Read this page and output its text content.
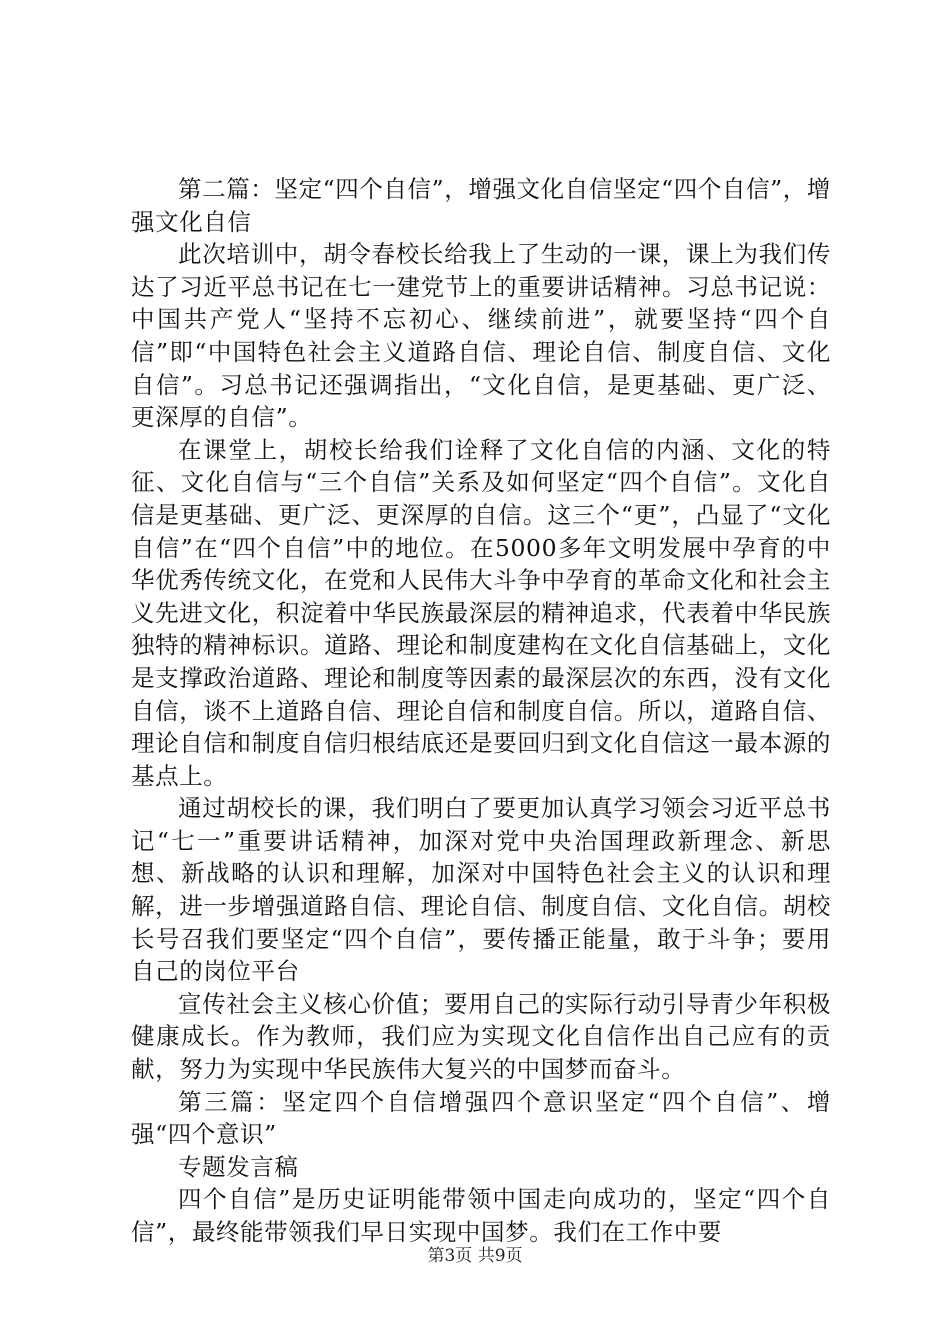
第二篇：坚定“四个自信”，增强文化自信坚定“四个自信”，增强文化自信

此次培训中，胡令春校长给我上了生动的一课，课上为我们传达了习近平总书记在七一建党节上的重要讲话精神。习总书记说：中国共产党人“坚持不忘初心、继续前进”，就要坚持“四个自信”即“中国特色社会主义道路自信、理论自信、制度自信、文化自信”。习总书记还强调指出，“文化自信，是更基础、更广泛、更深厚的自信”。

在课堂上，胡校长给我们诠释了文化自信的内涵、文化的特征、文化自信与“三个自信”关系及如何坚定“四个自信”。文化自信是更基础、更广泛、更深厚的自信。这三个“更”，凸显了“文化自信”在“四个自信”中的地位。在5000多年文明发展中孕育的中华优秀传统文化，在党和人民伟大斗争中孕育的革命文化和社会主义先进文化，积淀着中华民族最深层的精神追求，代表着中华民族独特的精神标识。道路、理论和制度建构在文化自信基础上，文化是支撑政治道路、理论和制度等因素的最深层次的东西，没有文化自信，谈不上道路自信、理论自信和制度自信。所以，道路自信、理论自信和制度自信归根结底还是要回归到文化自信这一最本源的基点上。

通过胡校长的课，我们明白了要更加认真学习领会习近平总书记“七一”重要讲话精神，加深对党中央治国理政新理念、新思想、新战略的认识和理解，加深对中国特色社会主义的认识和理解，进一步增强道路自信、理论自信、制度自信、文化自信。胡校长号召我们要坚定“四个自信”，要传播正能量，敢于斗争；要用自己的岗位平台

宣传社会主义核心价值；要用自己的实际行动引导青少年积极健康成长。作为教师，我们应为实现文化自信作出自己应有的贡献，努力为实现中华民族伟大复兴的中国梦而奋斗。

第三篇：坚定四个自信增强四个意识坚定“四个自信”、增强“四个意识”

专题发言稿

四个自信”是历史证明能带领中国走向成功的，坚定“四个自信”，最终能带领我们早日实现中国梦。我们在工作中要

第3页 共9页
